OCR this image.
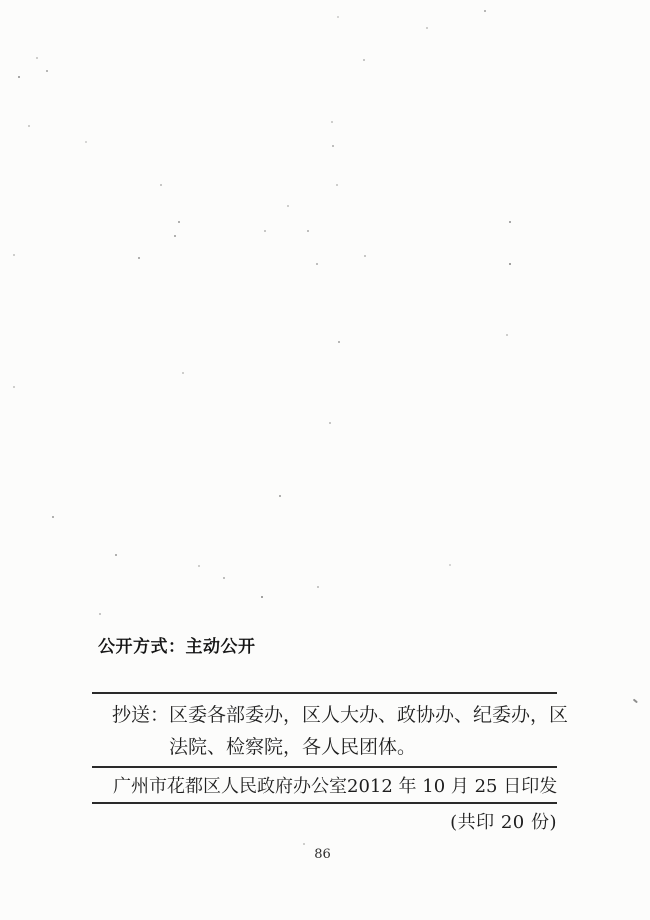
公开方式：主动公开
抄送： 区委各部委办，区人大办、政协办、纪委办，区
法院、检察院，各人民团体。
广州市花都区人民政府办公室 2012 年 10 月 25 日印发
(共印 20 份)
86
